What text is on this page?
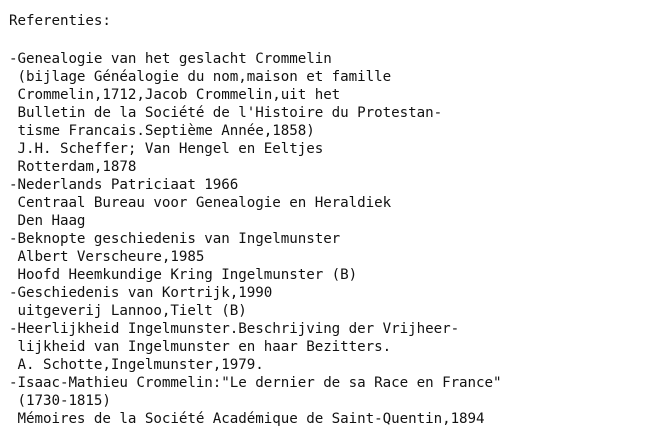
Referenties:
-Genealogie van het geslacht Crommelin
(bijlage Généalogie du nom,maison et famille
Crommelin,1712,Jacob Crommelin,uit het
Bulletin de la Société de l'Histoire du Protestan-
tisme Francais.Septième Année,1858)
J.H. Scheffer; Van Hengel en Eeltjes
Rotterdam,1878
-Nederlands Patriciaat 1966
Centraal Bureau voor Genealogie en Heraldiek
Den Haag
-Beknopte geschiedenis van Ingelmunster
Albert Verscheure,1985
Hoofd Heemkundige Kring Ingelmunster (B)
-Geschiedenis van Kortrijk,1990
uitgeverij Lannoo,Tielt (B)
-Heerlijkheid Ingelmunster.Beschrijving der Vrijheer-
lijkheid van Ingelmunster en haar Bezitters.
A. Schotte,Ingelmunster,1979.
-Isaac-Mathieu Crommelin:"Le dernier de sa Race en France"
(1730-1815)
Mémoires de la Société Académique de Saint-Quentin,1894
